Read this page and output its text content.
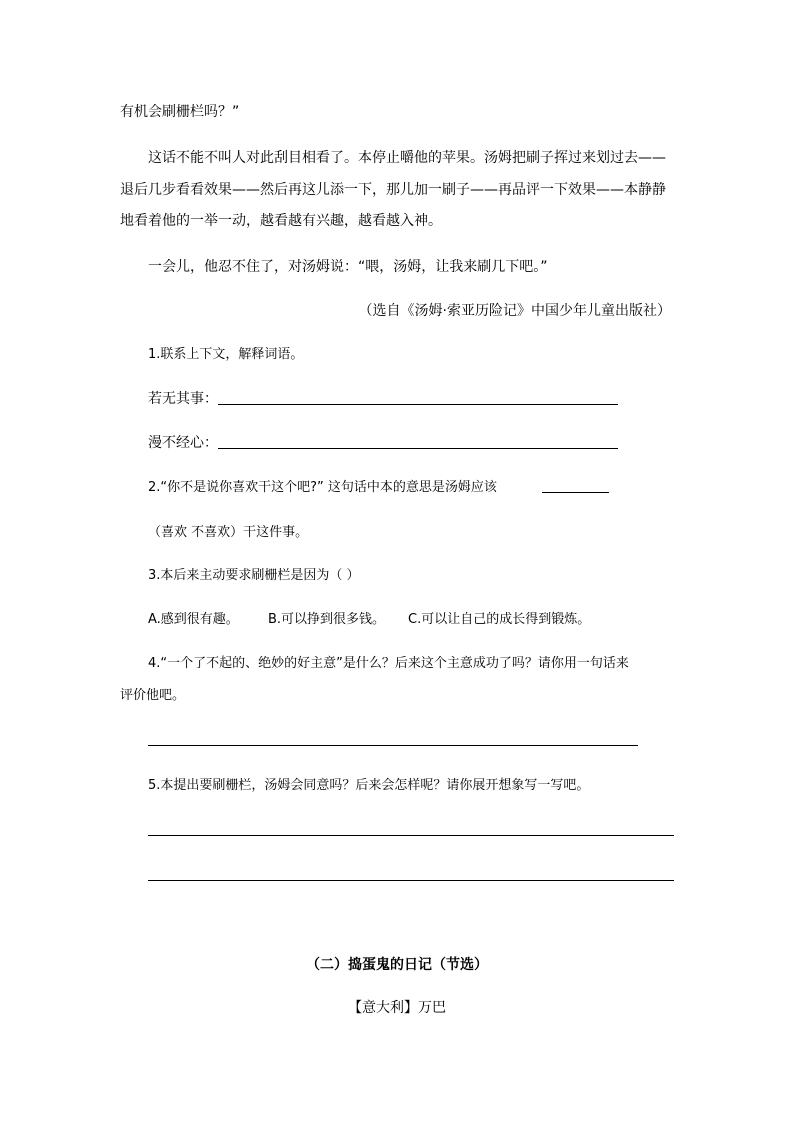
有机会刷栅栏吗？”
这话不能不叫人对此刮目相看了。本停止嚼他的苹果。汤姆把刷子挥过来划过去——
退后几步看看效果——然后再这儿添一下，那儿加一刷子——再品评一下效果——本静静
地看着他的一举一动，越看越有兴趣，越看越入神。
一会儿，他忍不住了，对汤姆说：“喂，汤姆，让我来刷几下吧。”
（选自《汤姆·索亚历险记》中国少年儿童出版社）
1.联系上下文，解释词语。
若无其事：
漫不经心：
2.“你不是说你喜欢干这个吧?” 这句话中本的意思是汤姆应该
（喜欢 不喜欢）干这件事。
3.本后来主动要求刷栅栏是因为（ ）
A.感到很有趣。 B.可以挣到很多钱。 C.可以让自己的成长得到锻炼。
4.“一个了不起的、绝妙的好主意”是什么？后来这个主意成功了吗？请你用一句话来
评价他吧。
5.本提出要刷栅栏，汤姆会同意吗？后来会怎样呢？请你展开想象写一写吧。
（二）捣蛋鬼的日记（节选）
【意大利】万巴
